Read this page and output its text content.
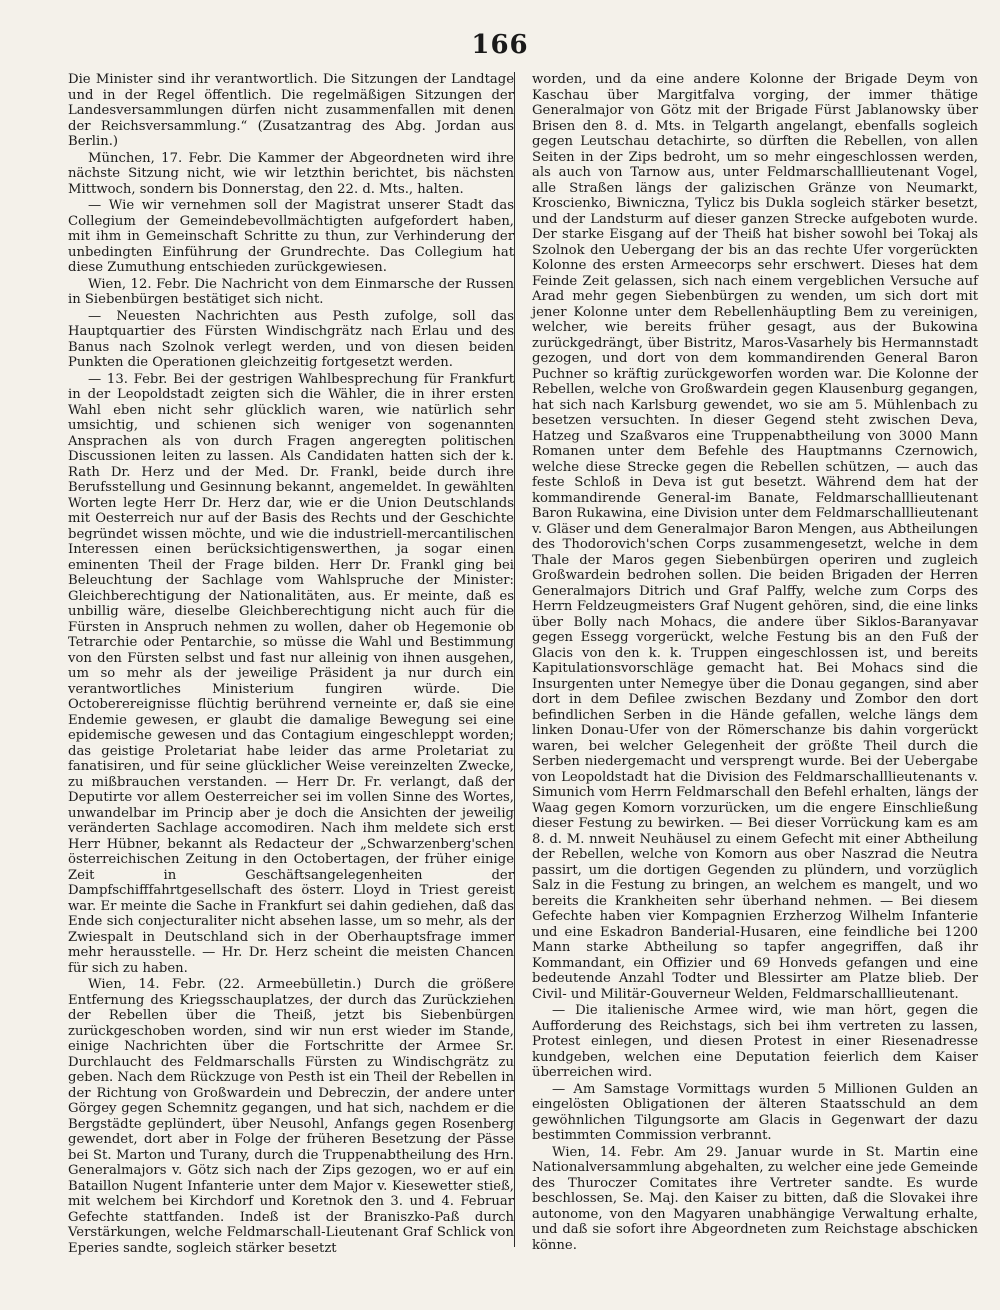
166

Die Minister sind ihr verantwortlich. Die Sitzungen der Landtage und in der Regel öffentlich. Die regelmäßigen Sitzungen der Landesversammlungen dürfen nicht zusammenfallen mit denen der Reichsversammlung.“ (Zusatzantrag des Abg. Jordan aus Berlin.)

München, 17. Febr. Die Kammer der Abgeordneten wird ihre nächste Sitzung nicht, wie wir letzthin berichtet, bis nächsten Mittwoch, sondern bis Donnerstag, den 22. d. Mts., halten.

— Wie wir vernehmen soll der Magistrat unserer Stadt das Collegium der Gemeindebevollmächtigten aufgefordert haben, mit ihm in Gemeinschaft Schritte zu thun, zur Verhinderung der unbedingten Einführung der Grundrechte. Das Collegium hat diese Zumuthung entschieden zurückgewiesen.

Wien, 12. Febr. Die Nachricht von dem Einmarsche der Russen in Siebenbürgen bestätiget sich nicht.

— Neuesten Nachrichten aus Pesth zufolge, soll das Hauptquartier des Fürsten Windischgrätz nach Erlau und des Banus nach Szolnok verlegt werden, und von diesen beiden Punkten die Operationen gleichzeitig fortgesetzt werden.

— 13. Febr. Bei der gestrigen Wahlbesprechung für Frankfurt in der Leopoldstadt zeigten sich die Wähler, die in ihrer ersten Wahl eben nicht sehr glücklich waren, wie natürlich sehr umsichtig, und schienen sich weniger von sogenannten Ansprachen als von durch Fragen angeregten politischen Discussionen leiten zu lassen. Als Candidaten hatten sich der k. Rath Dr. Herz und der Med. Dr. Frankl, beide durch ihre Berufsstellung und Gesinnung bekannt, angemeldet. In gewählten Worten legte Herr Dr. Herz dar, wie er die Union Deutschlands mit Oesterreich nur auf der Basis des Rechts und der Geschichte begründet wissen möchte, und wie die industriell-mercantilischen Interessen einen berücksichtigenswerthen, ja sogar einen eminenten Theil der Frage bilden. Herr Dr. Frankl ging bei Beleuchtung der Sachlage vom Wahlspruche der Minister: Gleichberechtigung der Nationalitäten, aus. Er meinte, daß es unbillig wäre, dieselbe Gleichberechtigung nicht auch für die Fürsten in Anspruch nehmen zu wollen, daher ob Hegemonie ob Tetrarchie oder Pentarchie, so müsse die Wahl und Bestimmung von den Fürsten selbst und fast nur alleinig von ihnen ausgehen, um so mehr als der jeweilige Präsident ja nur durch ein verantwortliches Ministerium fungiren würde. Die Octoberereignisse flüchtig berührend verneinte er, daß sie eine Endemie gewesen, er glaubt die damalige Bewegung sei eine epidemische gewesen und das Contagium eingeschleppt worden; das geistige Proletariat habe leider das arme Proletariat zu fanatisiren, und für seine glücklicher Weise vereinzelten Zwecke, zu mißbrauchen verstanden. — Herr Dr. Fr. verlangt, daß der Deputirte vor allem Oesterreicher sei im vollen Sinne des Wortes, unwandelbar im Princip aber je doch die Ansichten der jeweilig veränderten Sachlage accomodiren. Nach ihm meldete sich erst Herr Hübner, bekannt als Redacteur der „Schwarzenberg'schen österreichischen Zeitung in den Octobertagen, der früher einige Zeit in Geschäftsangelegenheiten der Dampfschifffahrtgesellschaft des österr. Lloyd in Triest gereist war. Er meinte die Sache in Frankfurt sei dahin gediehen, daß das Ende sich conjecturaliter nicht absehen lasse, um so mehr, als der Zwiespalt in Deutschland sich in der Oberhauptsfrage immer mehr herausstelle. — Hr. Dr. Herz scheint die meisten Chancen für sich zu haben.

Wien, 14. Febr. (22. Armeebülletin.) Durch die größere Entfernung des Kriegsschauplatzes, der durch das Zurückziehen der Rebellen über die Theiß, jetzt bis Siebenbürgen zurückgeschoben worden, sind wir nun erst wieder im Stande, einige Nachrichten über die Fortschritte der Armee Sr. Durchlaucht des Feldmarschalls Fürsten zu Windischgrätz zu geben. Nach dem Rückzuge von Pesth ist ein Theil der Rebellen in der Richtung von Großwardein und Debreczin, der andere unter Görgey gegen Schemnitz gegangen, und hat sich, nachdem er die Bergstädte geplündert, über Neusohl, Anfangs gegen Rosenberg gewendet, dort aber in Folge der früheren Besetzung der Pässe bei St. Marton und Turany, durch die Truppenabtheilung des Hrn. Generalmajors v. Götz sich nach der Zips gezogen, wo er auf ein Bataillon Nugent Infanterie unter dem Major v. Kiesewetter stieß, mit welchem bei Kirchdorf und Koretnok den 3. und 4. Februar Gefechte stattfanden. Indeß ist der Braniszko-Paß durch Verstärkungen, welche Feldmarschall-Lieutenant Graf Schlick von Eperies sandte, sogleich stärker besetzt

worden, und da eine andere Kolonne der Brigade Deym von Kaschau über Margitfalva vorging, der immer thätige Generalmajor von Götz mit der Brigade Fürst Jablanowsky über Brisen den 8. d. Mts. in Telgarth angelangt, ebenfalls sogleich gegen Leutschau detachirte, so dürften die Rebellen, von allen Seiten in der Zips bedroht, um so mehr eingeschlossen werden, als auch von Tarnow aus, unter Feldmarschalllieutenant Vogel, alle Straßen längs der galizischen Gränze von Neumarkt, Kroscienko, Biwniczna, Tylicz bis Dukla sogleich stärker besetzt, und der Landsturm auf dieser ganzen Strecke aufgeboten wurde. Der starke Eisgang auf der Theiß hat bisher sowohl bei Tokaj als Szolnok den Uebergang der bis an das rechte Ufer vorgerückten Kolonne des ersten Armeecorps sehr erschwert. Dieses hat dem Feinde Zeit gelassen, sich nach einem vergeblichen Versuche auf Arad mehr gegen Siebenbürgen zu wenden, um sich dort mit jener Kolonne unter dem Rebellenhäuptling Bem zu vereinigen, welcher, wie bereits früher gesagt, aus der Bukowina zurückgedrängt, über Bistritz, Maros-Vasarhely bis Hermannstadt gezogen, und dort von dem kommandirenden General Baron Puchner so kräftig zurückgeworfen worden war. Die Kolonne der Rebellen, welche von Großwardein gegen Klausenburg gegangen, hat sich nach Karlsburg gewendet, wo sie am 5. Mühlenbach zu besetzen versuchten. In dieser Gegend steht zwischen Deva, Hatzeg und Szaßvaros eine Truppenabtheilung von 3000 Mann Romanen unter dem Befehle des Hauptmanns Czernowich, welche diese Strecke gegen die Rebellen schützen, — auch das feste Schloß in Deva ist gut besetzt. Während dem hat der kommandirende General-im Banate, Feldmarschalllieutenant Baron Rukawina, eine Division unter dem Feldmarschalllieutenant v. Gläser und dem Generalmajor Baron Mengen, aus Abtheilungen des Thodorovich'schen Corps zusammengesetzt, welche in dem Thale der Maros gegen Siebenbürgen operiren und zugleich Großwardein bedrohen sollen. Die beiden Brigaden der Herren Generalmajors Ditrich und Graf Palffy, welche zum Corps des Herrn Feldzeugmeisters Graf Nugent gehören, sind, die eine links über Bolly nach Mohacs, die andere über Siklos-Baranyavar gegen Essegg vorgerückt, welche Festung bis an den Fuß der Glacis von den k. k. Truppen eingeschlossen ist, und bereits Kapitulationsvorschläge gemacht hat. Bei Mohacs sind die Insurgenten unter Nemegye über die Donau gegangen, sind aber dort in dem Defilee zwischen Bezdany und Zombor den dort befindlichen Serben in die Hände gefallen, welche längs dem linken Donau-Ufer von der Römerschanze bis dahin vorgerückt waren, bei welcher Gelegenheit der größte Theil durch die Serben niedergemacht und versprengt wurde. Bei der Uebergabe von Leopoldstadt hat die Division des Feldmarschalllieutenants v. Simunich vom Herrn Feldmarschall den Befehl erhalten, längs der Waag gegen Komorn vorzurücken, um die engere Einschließung dieser Festung zu bewirken. — Bei dieser Vorrückung kam es am 8. d. M. nnweit Neuhäusel zu einem Gefecht mit einer Abtheilung der Rebellen, welche von Komorn aus ober Naszrad die Neutra passirt, um die dortigen Gegenden zu plündern, und vorzüglich Salz in die Festung zu bringen, an welchem es mangelt, und wo bereits die Krankheiten sehr überhand nehmen. — Bei diesem Gefechte haben vier Kompagnien Erzherzog Wilhelm Infanterie und eine Eskadron Banderial-Husaren, eine feindliche bei 1200 Mann starke Abtheilung so tapfer angegriffen, daß ihr Kommandant, ein Offizier und 69 Honveds gefangen und eine bedeutende Anzahl Todter und Blessirter am Platze blieb. Der Civil- und Militär-Gouverneur Welden, Feldmarschalllieutenant.

— Die italienische Armee wird, wie man hört, gegen die Aufforderung des Reichstags, sich bei ihm vertreten zu lassen, Protest einlegen, und diesen Protest in einer Riesenadresse kundgeben, welchen eine Deputation feierlich dem Kaiser überreichen wird.

— Am Samstage Vormittags wurden 5 Millionen Gulden an eingelösten Obligationen der älteren Staatsschuld an dem gewöhnlichen Tilgungsorte am Glacis in Gegenwart der dazu bestimmten Commission verbrannt.

Wien, 14. Febr. Am 29. Januar wurde in St. Martin eine Nationalversammlung abgehalten, zu welcher eine jede Gemeinde des Thuroczer Comitates ihre Vertreter sandte. Es wurde beschlossen, Se. Maj. den Kaiser zu bitten, daß die Slovakei ihre autonome, von den Magyaren unabhängige Verwaltung erhalte, und daß sie sofort ihre Abgeordneten zum Reichstage abschicken könne.
